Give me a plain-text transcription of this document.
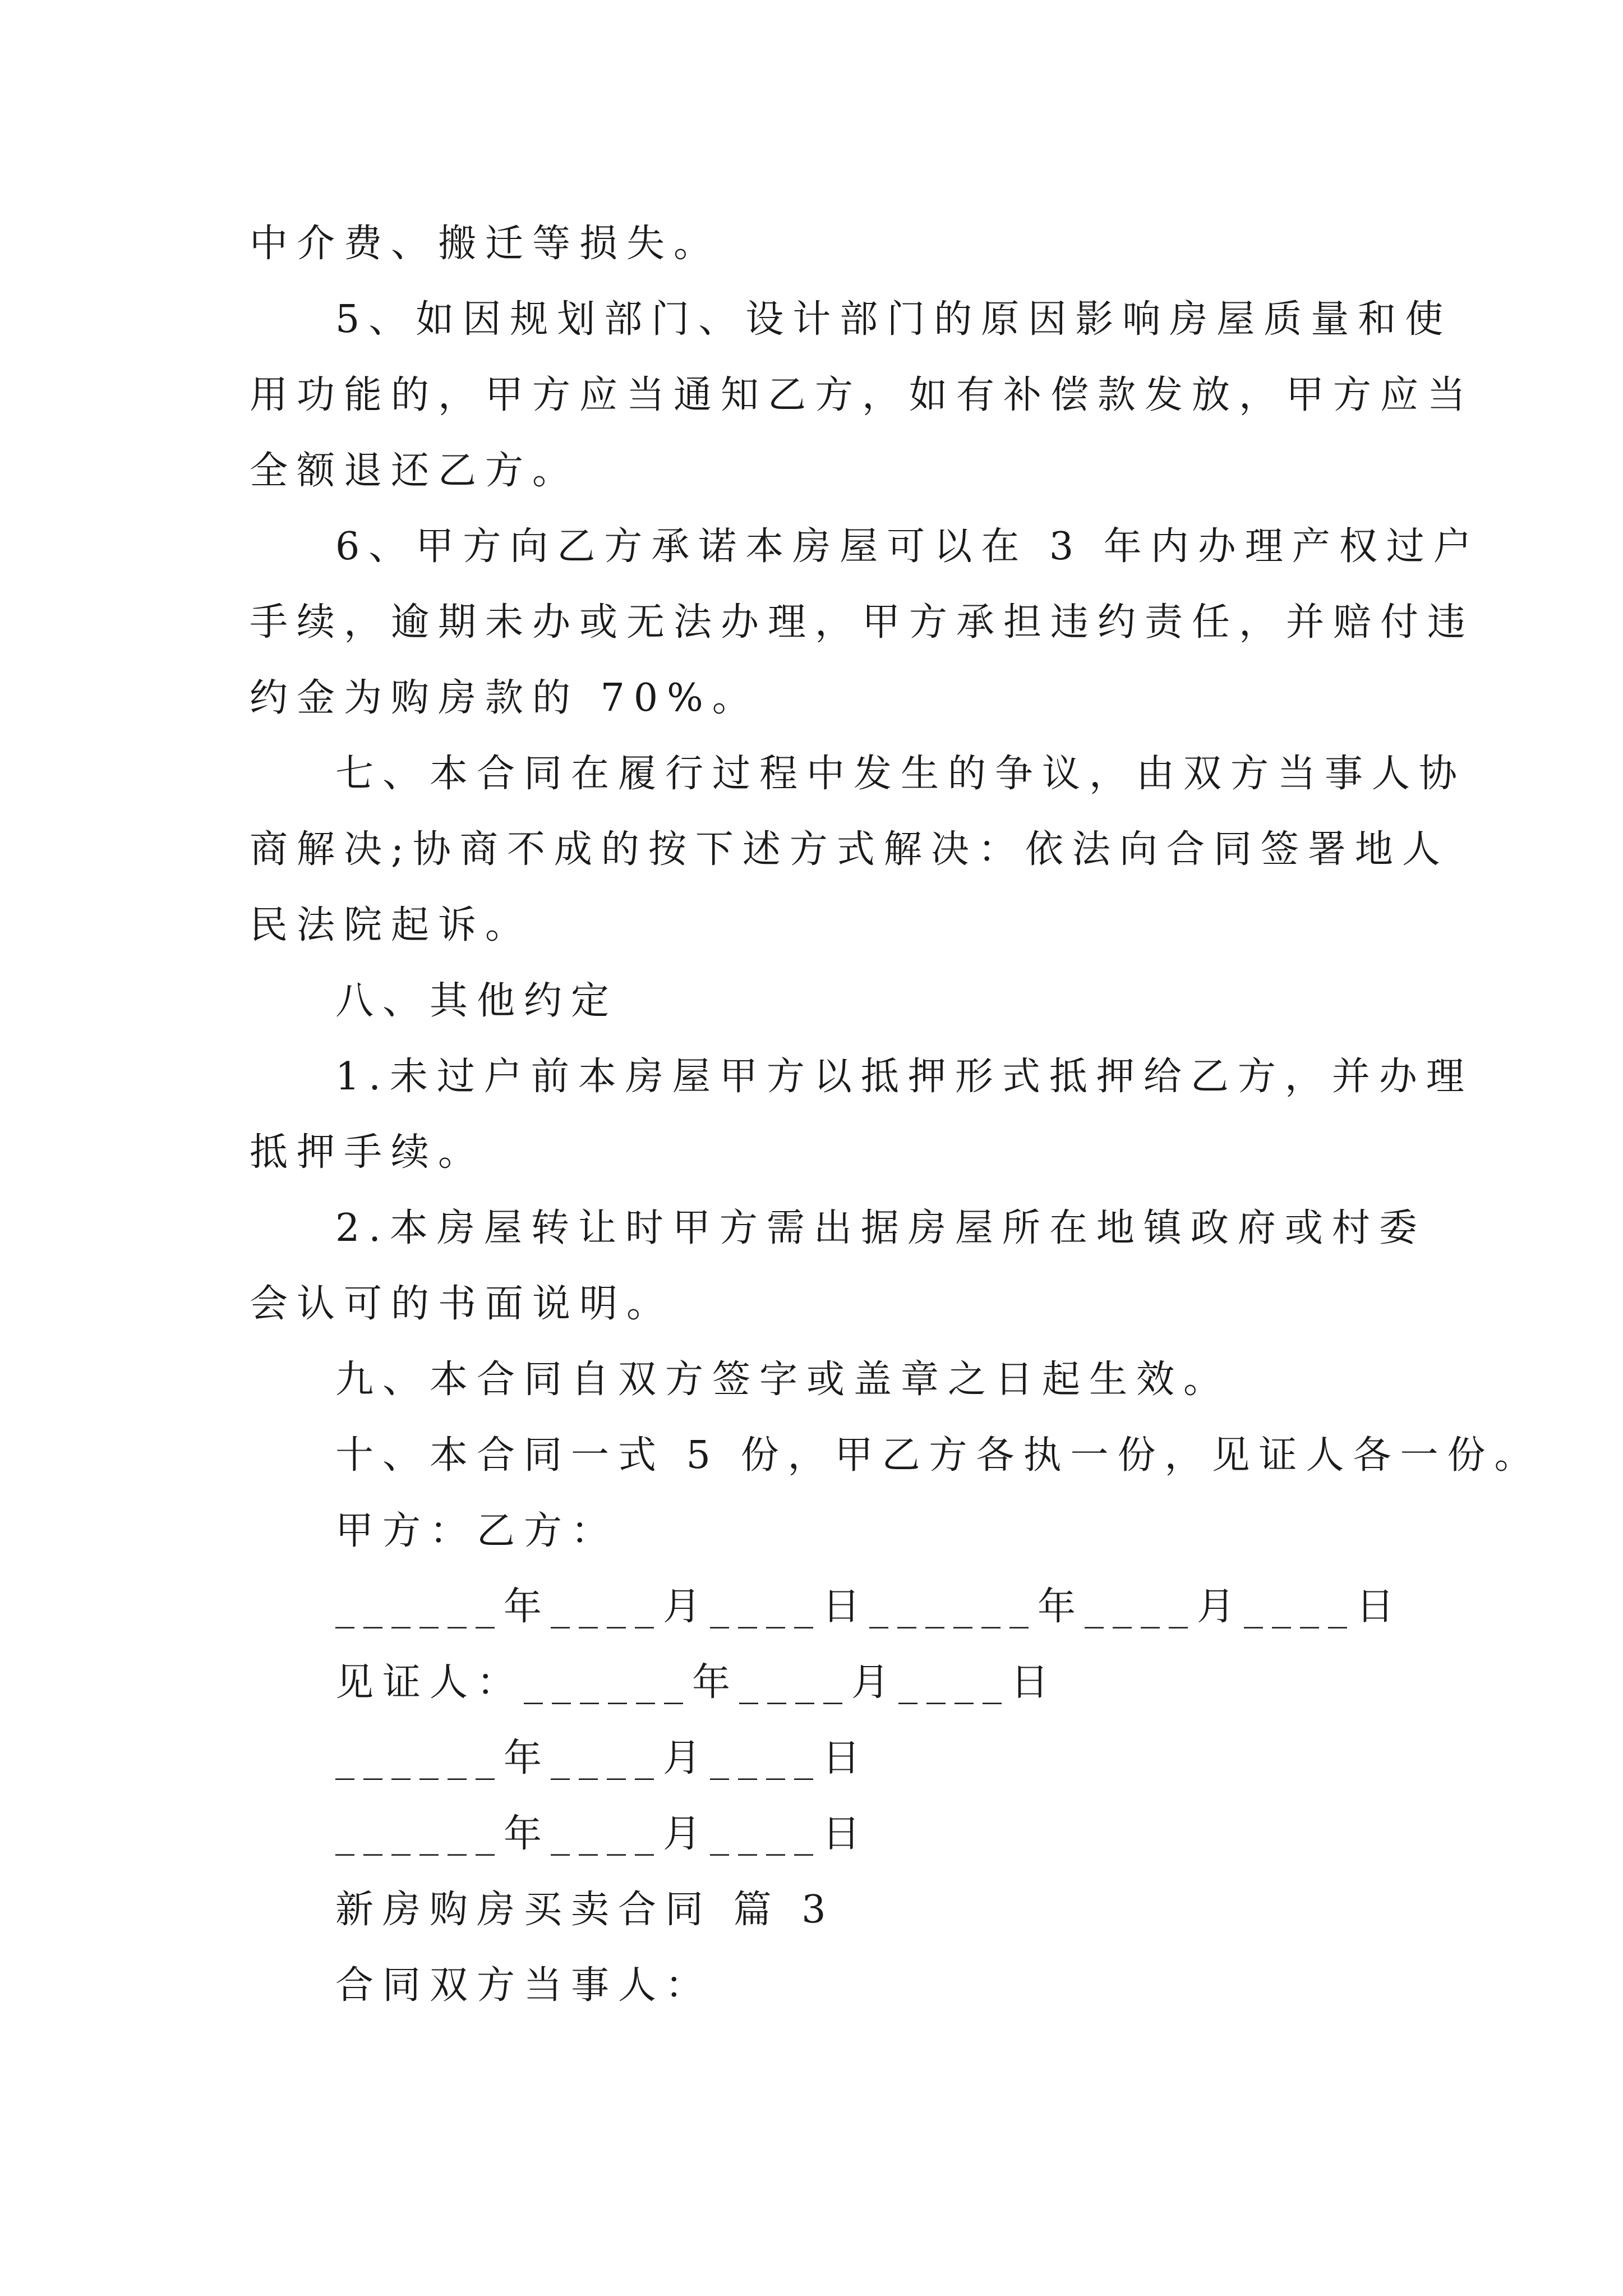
中介费、搬迁等损失。
5、如因规划部门、设计部门的原因影响房屋质量和使
用功能的，甲方应当通知乙方，如有补偿款发放，甲方应当
全额退还乙方。
6、甲方向乙方承诺本房屋可以在 3 年内办理产权过户
手续，逾期未办或无法办理，甲方承担违约责任，并赔付违
约金为购房款的 70%。
七、本合同在履行过程中发生的争议，由双方当事人协
商解决;协商不成的按下述方式解决：依法向合同签署地人
民法院起诉。
八、其他约定
1.未过户前本房屋甲方以抵押形式抵押给乙方，并办理
抵押手续。
2.本房屋转让时甲方需出据房屋所在地镇政府或村委
会认可的书面说明。
九、本合同自双方签字或盖章之日起生效。
十、本合同一式 5 份，甲乙方各执一份，见证人各一份。
甲方：乙方：
______年____月____日______年____月____日
见证人：______年____月____日
______年____月____日
______年____月____日
新房购房买卖合同 篇 3
合同双方当事人：
